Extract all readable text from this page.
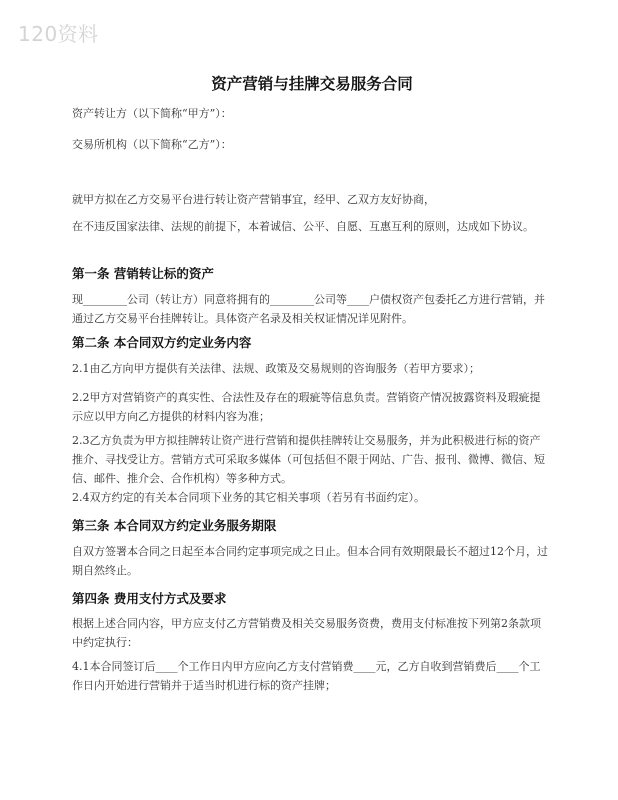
120资料
资产营销与挂牌交易服务合同
资产转让方（以下简称“甲方”）：
交易所机构（以下简称“乙方”）：
就甲方拟在乙方交易平台进行转让资产营销事宜，经甲、乙双方友好协商，
在不违反国家法律、法规的前提下，本着诚信、公平、自愿、互惠互利的原则，达成如下协议。
第一条 营销转让标的资产
现________公司（转让方）同意将拥有的________公司等____户债权资产包委托乙方进行营销，并通过乙方交易平台挂牌转让。具体资产名录及相关权证情况详见附件。
第二条 本合同双方约定业务内容
2.1由乙方向甲方提供有关法律、法规、政策及交易规则的咨询服务（若甲方要求）；
2.2甲方对营销资产的真实性、合法性及存在的瑕疵等信息负责。营销资产情况披露资料及瑕疵提示应以甲方向乙方提供的材料内容为准；
2.3乙方负责为甲方拟挂牌转让资产进行营销和提供挂牌转让交易服务，并为此积极进行标的资产推介、寻找受让方。营销方式可采取多媒体（可包括但不限于网站、广告、报刊、微博、微信、短信、邮件、推介会、合作机构）等多种方式。
2.4双方约定的有关本合同项下业务的其它相关事项（若另有书面约定）。
第三条 本合同双方约定业务服务期限
自双方签署本合同之日起至本合同约定事项完成之日止。但本合同有效期限最长不超过12个月，过期自然终止。
第四条 费用支付方式及要求
根据上述合同内容，甲方应支付乙方营销费及相关交易服务资费，费用支付标准按下列第2条款项中约定执行：
4.1本合同签订后____个工作日内甲方应向乙方支付营销费____元，乙方自收到营销费后____个工作日内开始进行营销并于适当时机进行标的资产挂牌；
